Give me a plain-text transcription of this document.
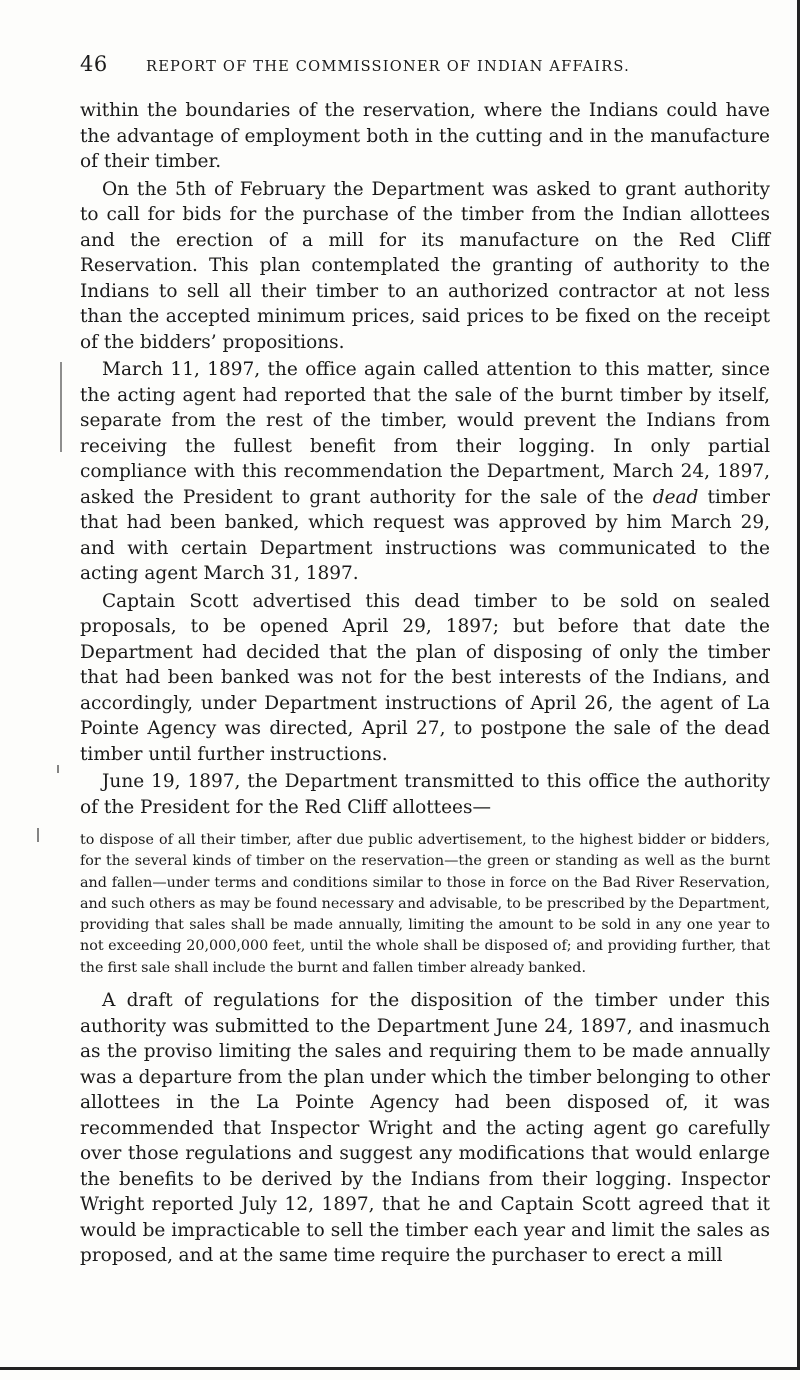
46	REPORT OF THE COMMISSIONER OF INDIAN AFFAIRS.

within the boundaries of the reservation, where the Indians could have the advantage of employment both in the cutting and in the manufacture of their timber.

On the 5th of February the Department was asked to grant authority to call for bids for the purchase of the timber from the Indian allottees and the erection of a mill for its manufacture on the Red Cliff Reservation. This plan contemplated the granting of authority to the Indians to sell all their timber to an authorized contractor at not less than the accepted minimum prices, said prices to be fixed on the receipt of the bidders’ propositions.

March 11, 1897, the office again called attention to this matter, since the acting agent had reported that the sale of the burnt timber by itself, separate from the rest of the timber, would prevent the Indians from receiving the fullest benefit from their logging. In only partial compliance with this recommendation the Department, March 24, 1897, asked the President to grant authority for the sale of the dead timber that had been banked, which request was approved by him March 29, and with certain Department instructions was communicated to the acting agent March 31, 1897.

Captain Scott advertised this dead timber to be sold on sealed proposals, to be opened April 29, 1897; but before that date the Department had decided that the plan of disposing of only the timber that had been banked was not for the best interests of the Indians, and accordingly, under Department instructions of April 26, the agent of La Pointe Agency was directed, April 27, to postpone the sale of the dead timber until further instructions.

June 19, 1897, the Department transmitted to this office the authority of the President for the Red Cliff allottees—

to dispose of all their timber, after due public advertisement, to the highest bidder or bidders, for the several kinds of timber on the reservation—the green or standing as well as the burnt and fallen—under terms and conditions similar to those in force on the Bad River Reservation, and such others as may be found necessary and advisable, to be prescribed by the Department, providing that sales shall be made annually, limiting the amount to be sold in any one year to not exceeding 20,000,000 feet, until the whole shall be disposed of; and providing further, that the first sale shall include the burnt and fallen timber already banked.

A draft of regulations for the disposition of the timber under this authority was submitted to the Department June 24, 1897, and inasmuch as the proviso limiting the sales and requiring them to be made annually was a departure from the plan under which the timber belonging to other allottees in the La Pointe Agency had been disposed of, it was recommended that Inspector Wright and the acting agent go carefully over those regulations and suggest any modifications that would enlarge the benefits to be derived by the Indians from their logging. Inspector Wright reported July 12, 1897, that he and Captain Scott agreed that it would be impracticable to sell the timber each year and limit the sales as proposed, and at the same time require the purchaser to erect a mill
